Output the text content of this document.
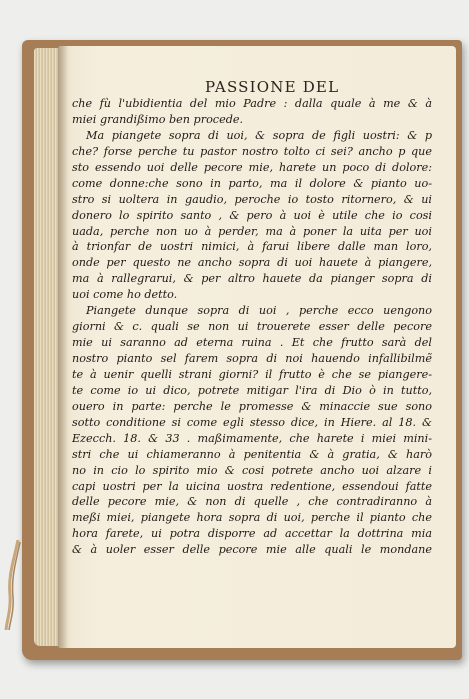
PASSIONE DEL
che fù l'ubidientia del mio Padre : dalla quale à me & à
miei grandißimo ben procede.
Ma piangete sopra di uoi, & sopra de figli uostri: & p
che? forse perche tu pastor nostro tolto ci sei? ancho p que
sto essendo uoi delle pecore mie, harete un poco di dolore:
come donne:che sono in parto, ma il dolore & pianto uo-
stro si uoltera in gaudio, peroche io tosto ritornero, & ui
donero lo spirito santo , & pero à uoi è utile che io cosi
uada, perche non uo à perder, ma à poner la uita per uoi
à trionfar de uostri nimici, à farui libere dalle man loro,
onde per questo ne ancho sopra di uoi hauete à piangere,
ma à rallegrarui, & per altro hauete da pianger sopra di
uoi come ho detto.
Piangete dunque sopra di uoi , perche ecco uengono
giorni & c. quali se non ui trouerete esser delle pecore
mie ui saranno ad eterna ruina . Et che frutto sarà del
nostro pianto sel farem sopra di noi hauendo infallibilmẽ
te à uenir quelli strani giorni? il frutto è che se piangere-
te come io ui dico, potrete mitigar l'ira di Dio ò in tutto,
ouero in parte: perche le promesse & minaccie sue sono
sotto conditione si come egli stesso dice, in Hiere. al 18. &
Ezecch. 18. & 33 . maßimamente, che harete i miei mini-
stri che ui chiameranno à penitentia & à gratia, & harò
no in cio lo spirito mio & cosi potrete ancho uoi alzare i
capi uostri per la uicina uostra redentione, essendoui fatte
delle pecore mie, & non di quelle , che contradiranno à
meßi miei, piangete hora sopra di uoi, perche il pianto che
hora farete, ui potra disporre ad accettar la dottrina mia
& à uoler esser delle pecore mie alle quali le mondane
